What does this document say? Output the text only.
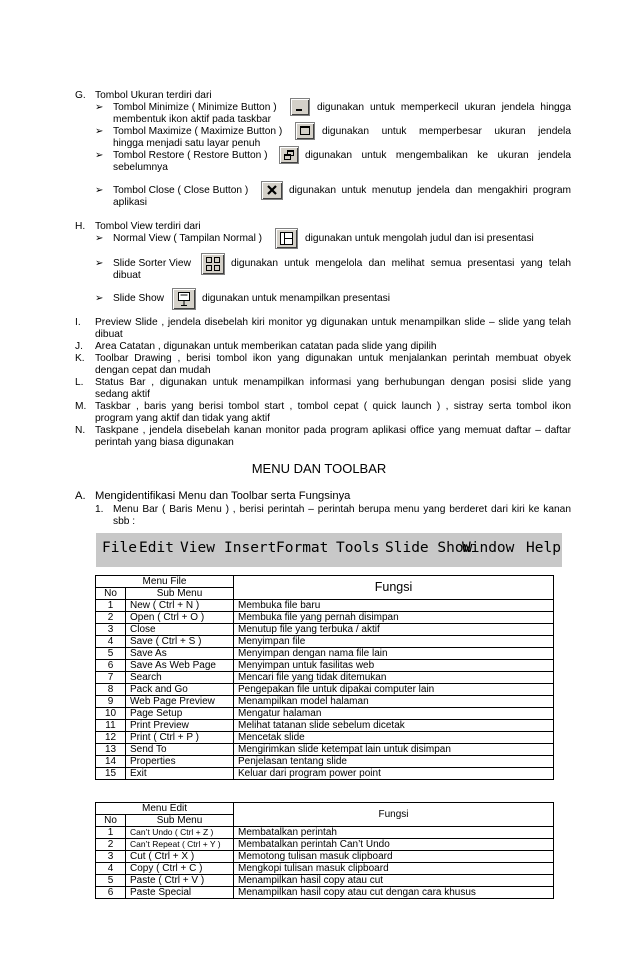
G. Tombol Ukuran terdiri dari
➢ Tombol Minimize ( Minimize Button )	digunakan untuk memperkecil ukuran jendela hingga
membentuk ikon aktif pada taskbar
➢ Tombol Maximize ( Maximize Button )	digunakan untuk memperbesar ukuran jendela
hingga menjadi satu layar penuh
➢ Tombol Restore ( Restore Button )	digunakan untuk mengembalikan ke ukuran jendela
sebelumnya
➢ Tombol Close ( Close Button )	digunakan untuk menutup jendela dan mengakhiri program
aplikasi
H. Tombol View terdiri dari
➢ Normal View ( Tampilan Normal )	digunakan untuk mengolah judul dan isi presentasi
➢ Slide Sorter View	digunakan untuk mengelola dan melihat semua presentasi yang telah
dibuat
➢ Slide Show	digunakan untuk menampilkan presentasi
I. Preview Slide , jendela disebelah kiri monitor yg digunakan untuk menampilkan slide – slide yang telah
dibuat
J. Area Catatan , digunakan untuk memberikan catatan pada slide yang dipilih
K. Toolbar Drawing , berisi tombol ikon yang digunakan untuk menjalankan perintah membuat obyek
dengan cepat dan mudah
L. Status Bar , digunakan untuk menampilkan informasi yang berhubungan dengan posisi slide yang
sedang aktif
M. Taskbar , baris yang berisi tombol start , tombol cepat ( quick launch ) , sistray serta tombol ikon
program yang aktif dan tidak yang aktif
N. Taskpane , jendela disebelah kanan monitor pada program aplikasi office yang memuat daftar – daftar
perintah yang biasa digunakan
MENU DAN TOOLBAR
A. Mengidentifikasi Menu dan Toolbar serta Fungsinya
1. Menu Bar ( Baris Menu ) , berisi perintah – perintah berupa menu yang berderet dari kiri ke kanan
sbb :
File Edit View Insert Format Tools Slide Show
Window Help
Menu File		Fungsi
No	Sub Menu	
1	New ( Ctrl + N )	Membuka file baru
2	Open ( Ctrl + O )	Membuka file yang pernah disimpan
3	Close	Menutup file yang terbuka / aktif
4	Save ( Ctrl + S )	Menyimpan file
5	Save As	Menyimpan dengan nama file lain
6	Save As Web Page	Menyimpan untuk fasilitas web
7	Search	Mencari file yang tidak ditemukan
8	Pack and Go	Pengepakan file untuk dipakai computer lain
9	Web Page Preview	Menampilkan model halaman
10	Page Setup	Mengatur halaman
11	Print Preview	Melihat tatanan slide sebelum dicetak
12	Print ( Ctrl + P )	Mencetak slide
13	Send To	Mengirimkan slide ketempat lain untuk disimpan
14	Properties	Penjelasan tentang slide
15	Exit	Keluar dari program power point
Menu Edit		Fungsi
No	Sub Menu	
1	Can’t Undo ( Ctrl + Z )	Membatalkan perintah
2	Can’t Repeat ( Ctrl + Y )	Membatalkan perintah Can’t Undo
3	Cut ( Ctrl + X )	Memotong tulisan masuk clipboard
4	Copy ( Ctrl + C )	Mengkopi tulisan masuk clipboard
5	Paste ( Ctrl + V )	Menampilkan hasil copy atau cut
6	Paste Special	Menampilkan hasil copy atau cut dengan cara khusus
